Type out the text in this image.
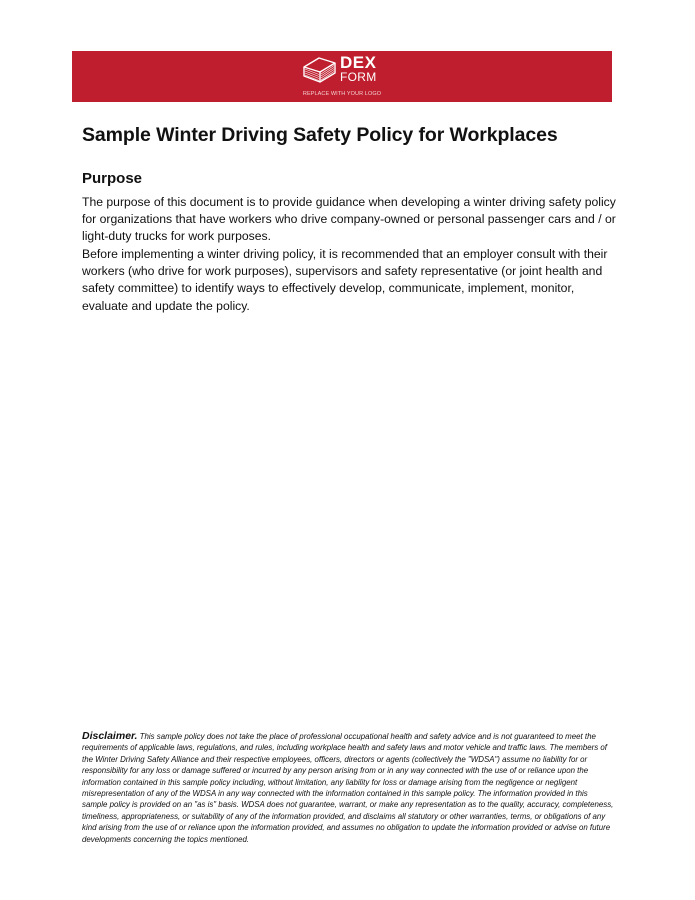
DEX
FORM
REPLACE WITH YOUR LOGO
Sample Winter Driving Safety Policy for Workplaces
Purpose

The purpose of this document is to provide guidance when developing a winter driving safety policy for organizations that have workers who drive company-owned or personal passenger cars and / or light-duty trucks for work purposes.

Before implementing a winter driving policy, it is recommended that an employer consult with their workers (who drive for work purposes), supervisors and safety representative (or joint health and safety committee) to identify ways to effectively develop, communicate, implement, monitor, evaluate and update the policy.

Disclaimer. This sample policy does not take the place of professional occupational health and safety advice and is not guaranteed to meet the requirements of applicable laws, regulations, and rules, including workplace health and safety laws and motor vehicle and traffic laws. The members of the Winter Driving Safety Alliance and their respective employees, officers, directors or agents (collectively the "WDSA") assume no liability for or responsibility for any loss or damage suffered or incurred by any person arising from or in any way connected with the use of or reliance upon the information contained in this sample policy including, without limitation, any liability for loss or damage arising from the negligence or negligent misrepresentation of any of the WDSA in any way connected with the information contained in this sample policy. The information provided in this sample policy is provided on an "as is" basis. WDSA does not guarantee, warrant, or make any representation as to the quality, accuracy, completeness, timeliness, appropriateness, or suitability of any of the information provided, and disclaims all statutory or other warranties, terms, or obligations of any kind arising from the use of or reliance upon the information provided, and assumes no obligation to update the information provided or advise on future developments concerning the topics mentioned.
